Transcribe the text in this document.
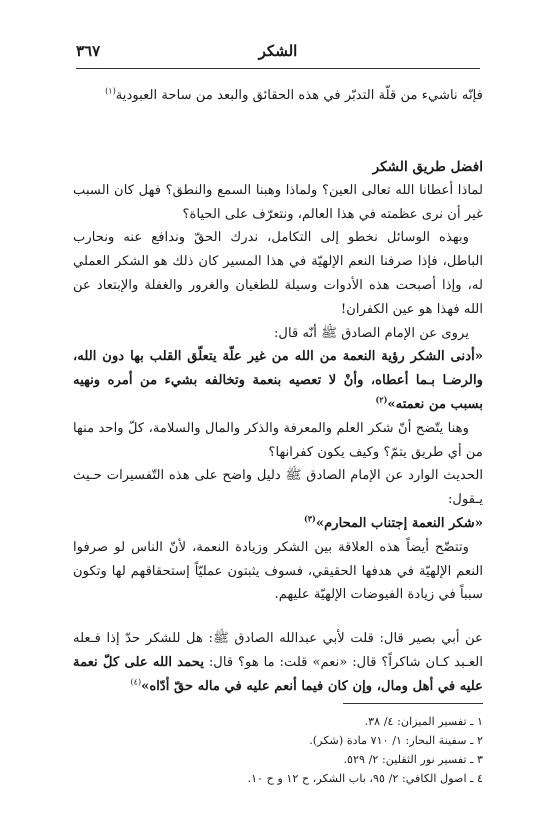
الشكر
٣٦٧

فإنّه ناشيء من قلّة التدبّر في هذه الحقائق والبعد من ساحة العبودية$^{(١)}$

افضل طريق الشكر

لماذا أعطانا الله تعالى العين؟ ولماذا وهبنا السمع والنطق؟ فهل كان السبب غير أن نرى عظمته في هذا العالم، ونتعرّف على الحياة؟

وبهذه الوسائل نخطو إلى التكامل، ندرك الحقّ وندافع عنه ونحارب الباطل، فإذا صرفنا النعم الإلهيّة في هذا المسير كان ذلك هو الشكر العملي له، وإذا أصبحت هذه الأدوات وسيلة للطغيان والغرور والغفلة والإبتعاد عن الله فهذا هو عين الكفران!

يروى عن الإمام الصادق ﷺ أنّه قال:

«أدنى الشكر رؤية النعمة من الله من غير علّة يتعلّق القلب بها دون الله، والرضـا بـما أعطاه، وأنْ لا تعصيه بنعمة وتخالفه بشيء من أمره ونهيه بسبب من نعمته»$^{(٢)}$

وهنا يتّضح أنّ شكر العلم والمعرفة والذكر والمال والسلامة، كلّ واحد منها من أي طريق يتمّ؟ وكيف يكون كفرانها؟

الحديث الوارد عن الإمام الصادق ﷺ دليل واضح على هذه التّفسيرات حـيث يـقول:

«شكر النعمة إجتناب المحارم»$^{(٣)}$

وتتضّح أيضاً هذه العلاقة بين الشكر وزيادة النعمة، لأنّ الناس لو صرفوا النعم الإلهيّة في هدفها الحقيقي، فسوف يثبتون عمليّاً إستحقاقهم لها وتكون سبباً في زيادة الفيوضات الإلهيّة عليهم.

عن أبي بصير قال: قلت لأبي عبدالله الصادق ﷺ: هل للشكر حدّ إذا فـعله العـبد كـان شاكراً؟ قال: «نعم» قلت: ما هو؟ قال: يحمد الله على كلّ نعمة عليه في أهل ومال، وإن كان فيما أنعم عليه في ماله حقّ أدّاه»$^{(٤)}$

١ ـ تفسير الميزان: ٤/ ٣٨.

٢ ـ سفينة البحار: ١/ ٧١٠ مادة (شكر).

٣ ـ تفسير نور الثقلين: ٢/ ٥٢٩.

٤ ـ اصول الكافي: ٢/ ٩٥، باب الشكر، ح ١٢ و ح ١٠.
